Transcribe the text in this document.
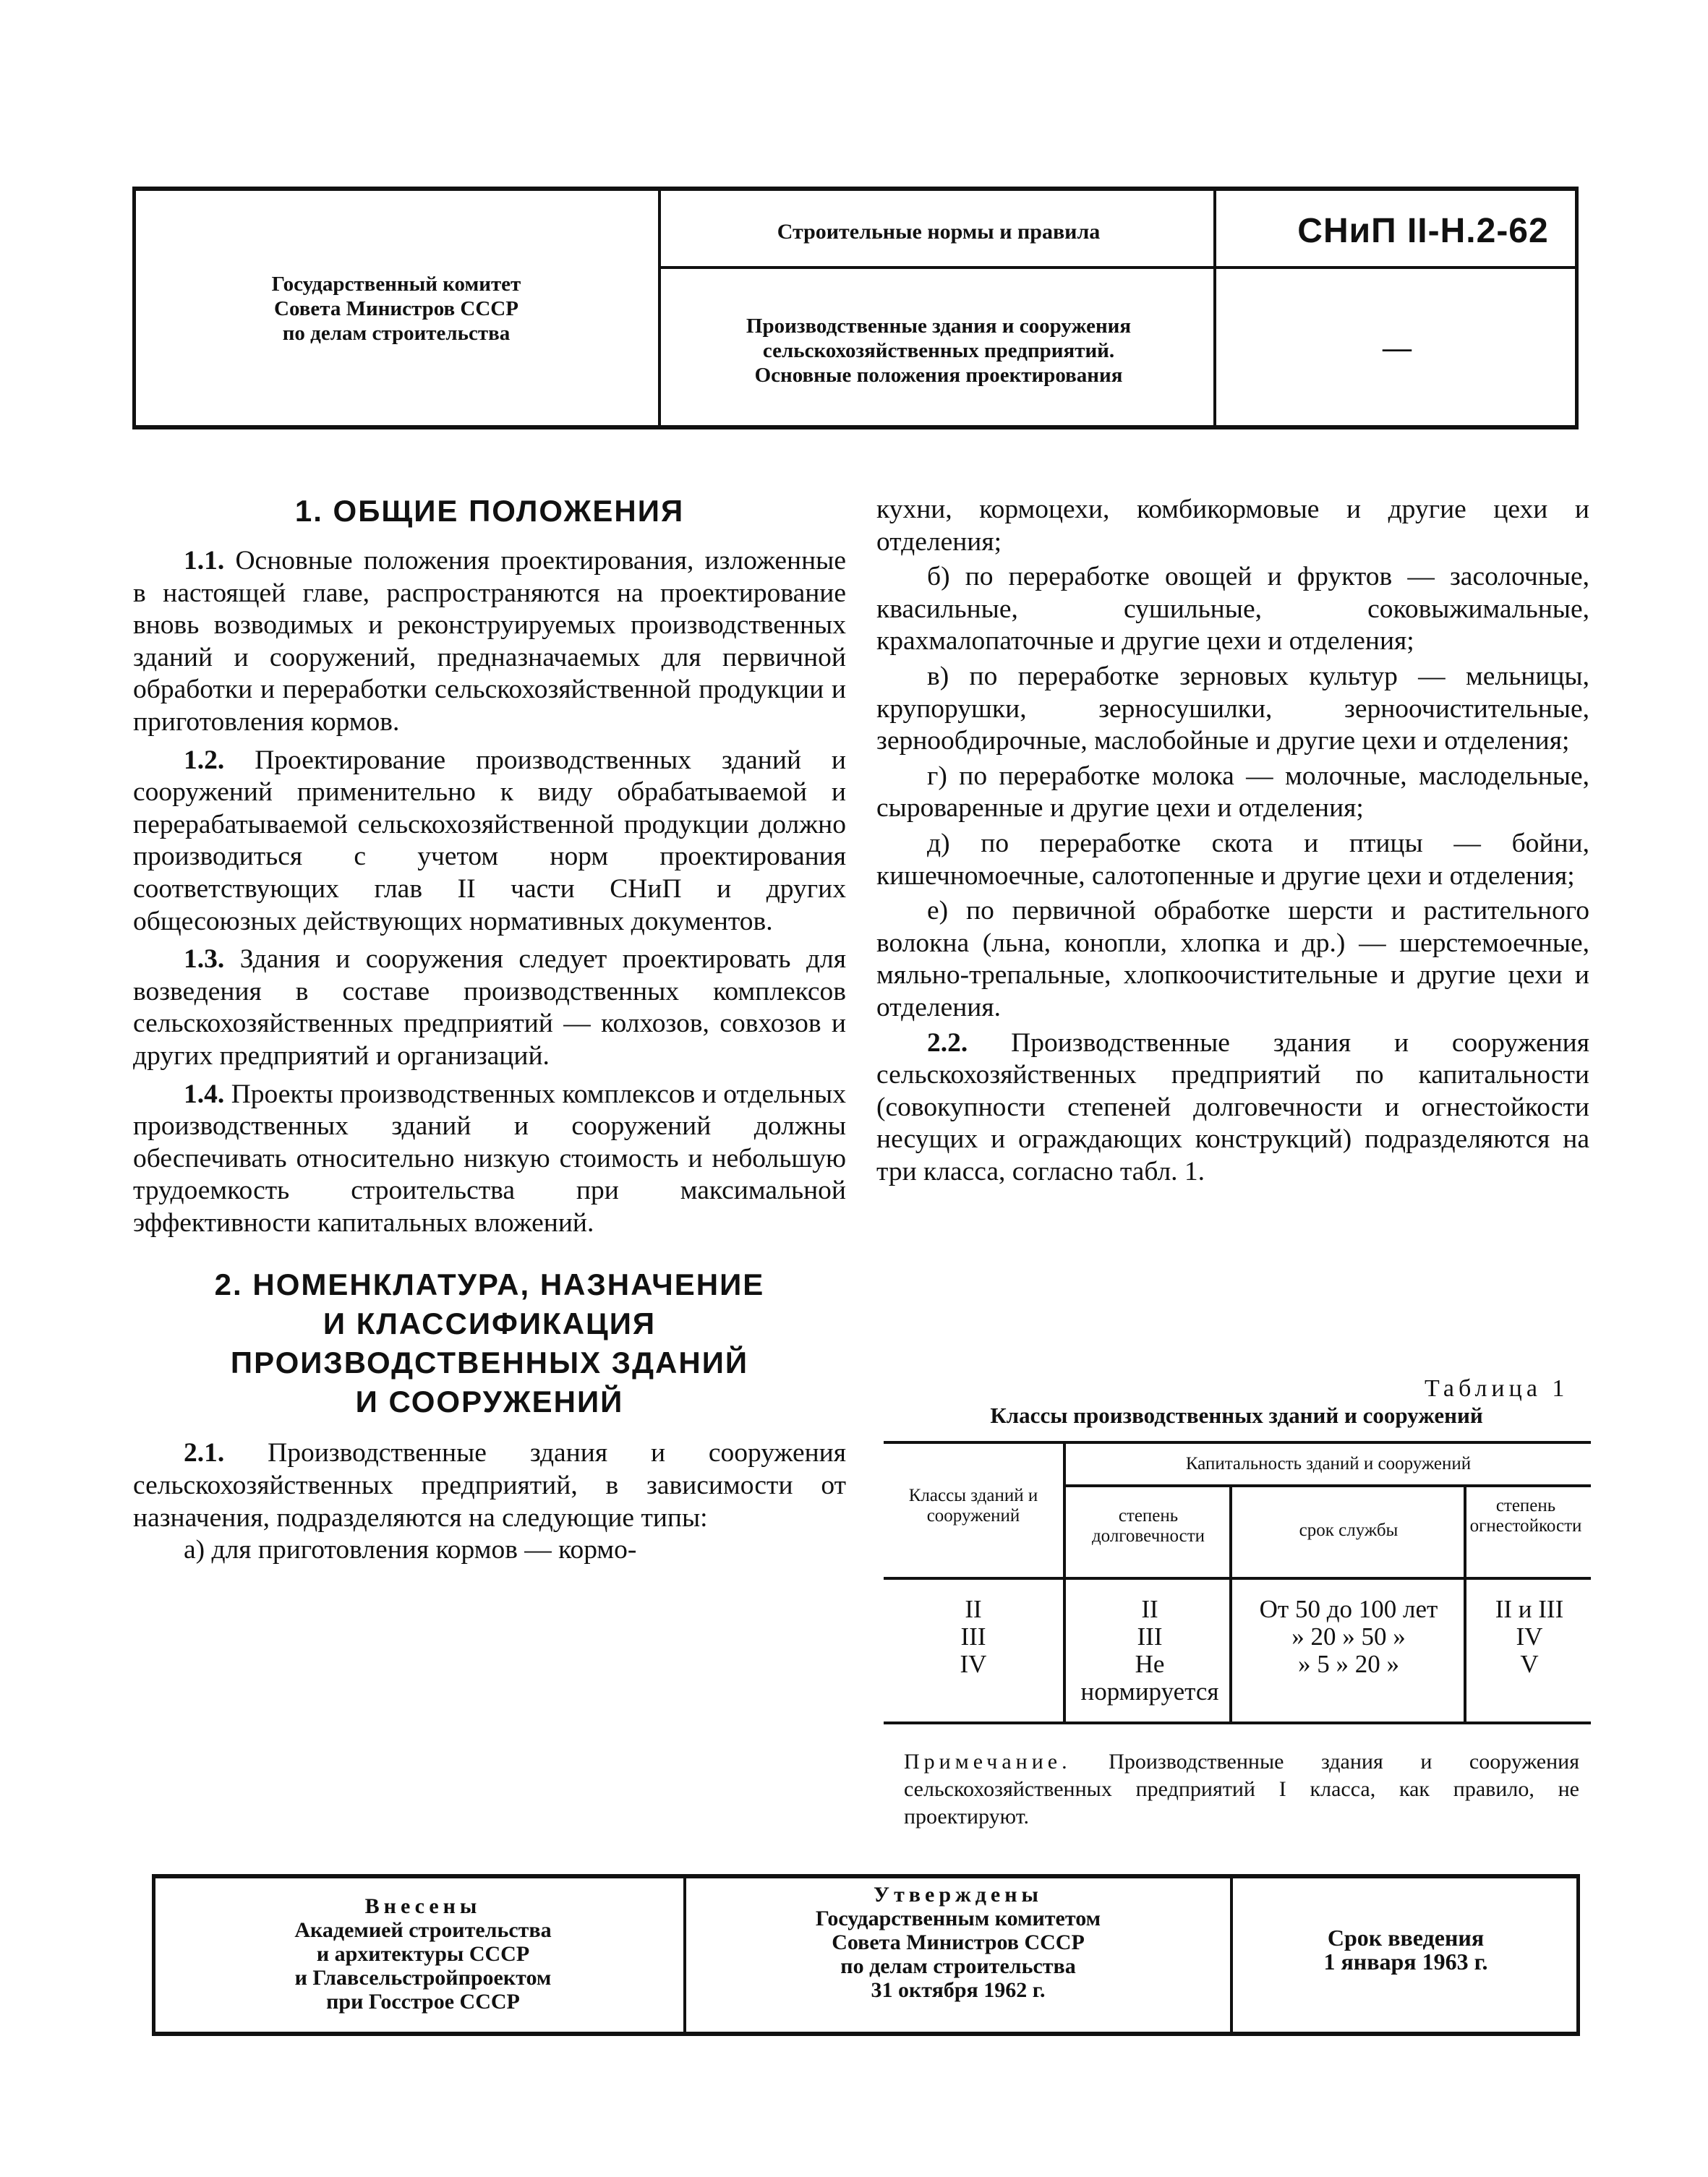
Государственный комитет
Совета Министров СССР
по делам строительства
Строительные нормы и правила	СНиП II-Н.2-62
Производственные здания и сооружения
сельскохозяйственных предприятий.
Основные положения проектирования
—
1. ОБЩИЕ ПОЛОЖЕНИЯ

1.1. Основные положения проектирования, изложенные в настоящей главе, распространяются на проектирование вновь возводимых и реконструируемых производственных зданий и сооружений, предназначаемых для первичной обработки и переработки сельскохозяйственной продукции и приготовления кормов.

1.2. Проектирование производственных зданий и сооружений применительно к виду обрабатываемой и перерабатываемой сельскохозяйственной продукции должно производиться с учетом норм проектирования соответствующих глав II части СНиП и других общесоюзных действующих нормативных документов.

1.3. Здания и сооружения следует проектировать для возведения в составе производственных комплексов сельскохозяйственных предприятий — колхозов, совхозов и других предприятий и организаций.

1.4. Проекты производственных комплексов и отдельных производственных зданий и сооружений должны обеспечивать относительно низкую стоимость и небольшую трудоемкость строительства при максимальной эффективности капитальных вложений.

2. НОМЕНКЛАТУРА, НАЗНАЧЕНИЕ
И КЛАССИФИКАЦИЯ
ПРОИЗВОДСТВЕННЫХ ЗДАНИЙ
И СООРУЖЕНИЙ

2.1. Производственные здания и сооружения сельскохозяйственных предприятий, в зависимости от назначения, подразделяются на следующие типы:

а) для приготовления кормов — кормо-

кухни, кормоцехи, комбикормовые и другие цехи и отделения;

б) по переработке овощей и фруктов — засолочные, квасильные, сушильные, соковыжимальные, крахмалопаточные и другие цехи и отделения;

в) по переработке зерновых культур — мельницы, крупорушки, зерносушилки, зерноочистительные, зернообдирочные, маслобойные и другие цехи и отделения;

г) по переработке молока — молочные, маслодельные, сыроваренные и другие цехи и отделения;

д) по переработке скота и птицы — бойни, кишечномоечные, салотопенные и другие цехи и отделения;

е) по первичной обработке шерсти и растительного волокна (льна, конопли, хлопка и др.) — шерстемоечные, мяльно-трепальные, хлопкоочистительные и другие цехи и отделения.

2.2. Производственные здания и сооружения сельскохозяйственных предприятий по капитальности (совокупности степеней долговечности и огнестойкости несущих и ограждающих конструкций) подразделяются на три класса, согласно табл. 1.

Таблица 1
Классы производственных зданий и сооружений
Классы зданий и сооружений
Капитальность зданий и сооружений
степень долговечности	срок службы
степень огнестойкости
II
III
IV
II
III
Не нормируется
От 50 до 100 лет
» 20 » 50 »
» 5 » 20 »
II и III
IV
V
Примечание. Производственные здания и сооружения сельскохозяйственных предприятий I класса, как правило, не проектируют.
Внесены
Академией строительства
и архитектуры СССР
и Главсельстройпроектом
при Госстрое СССР
Утверждены
Государственным комитетом
Совета Министров СССР
по делам строительства
31 октября 1962 г.
Срок введения
1 января 1963 г.
